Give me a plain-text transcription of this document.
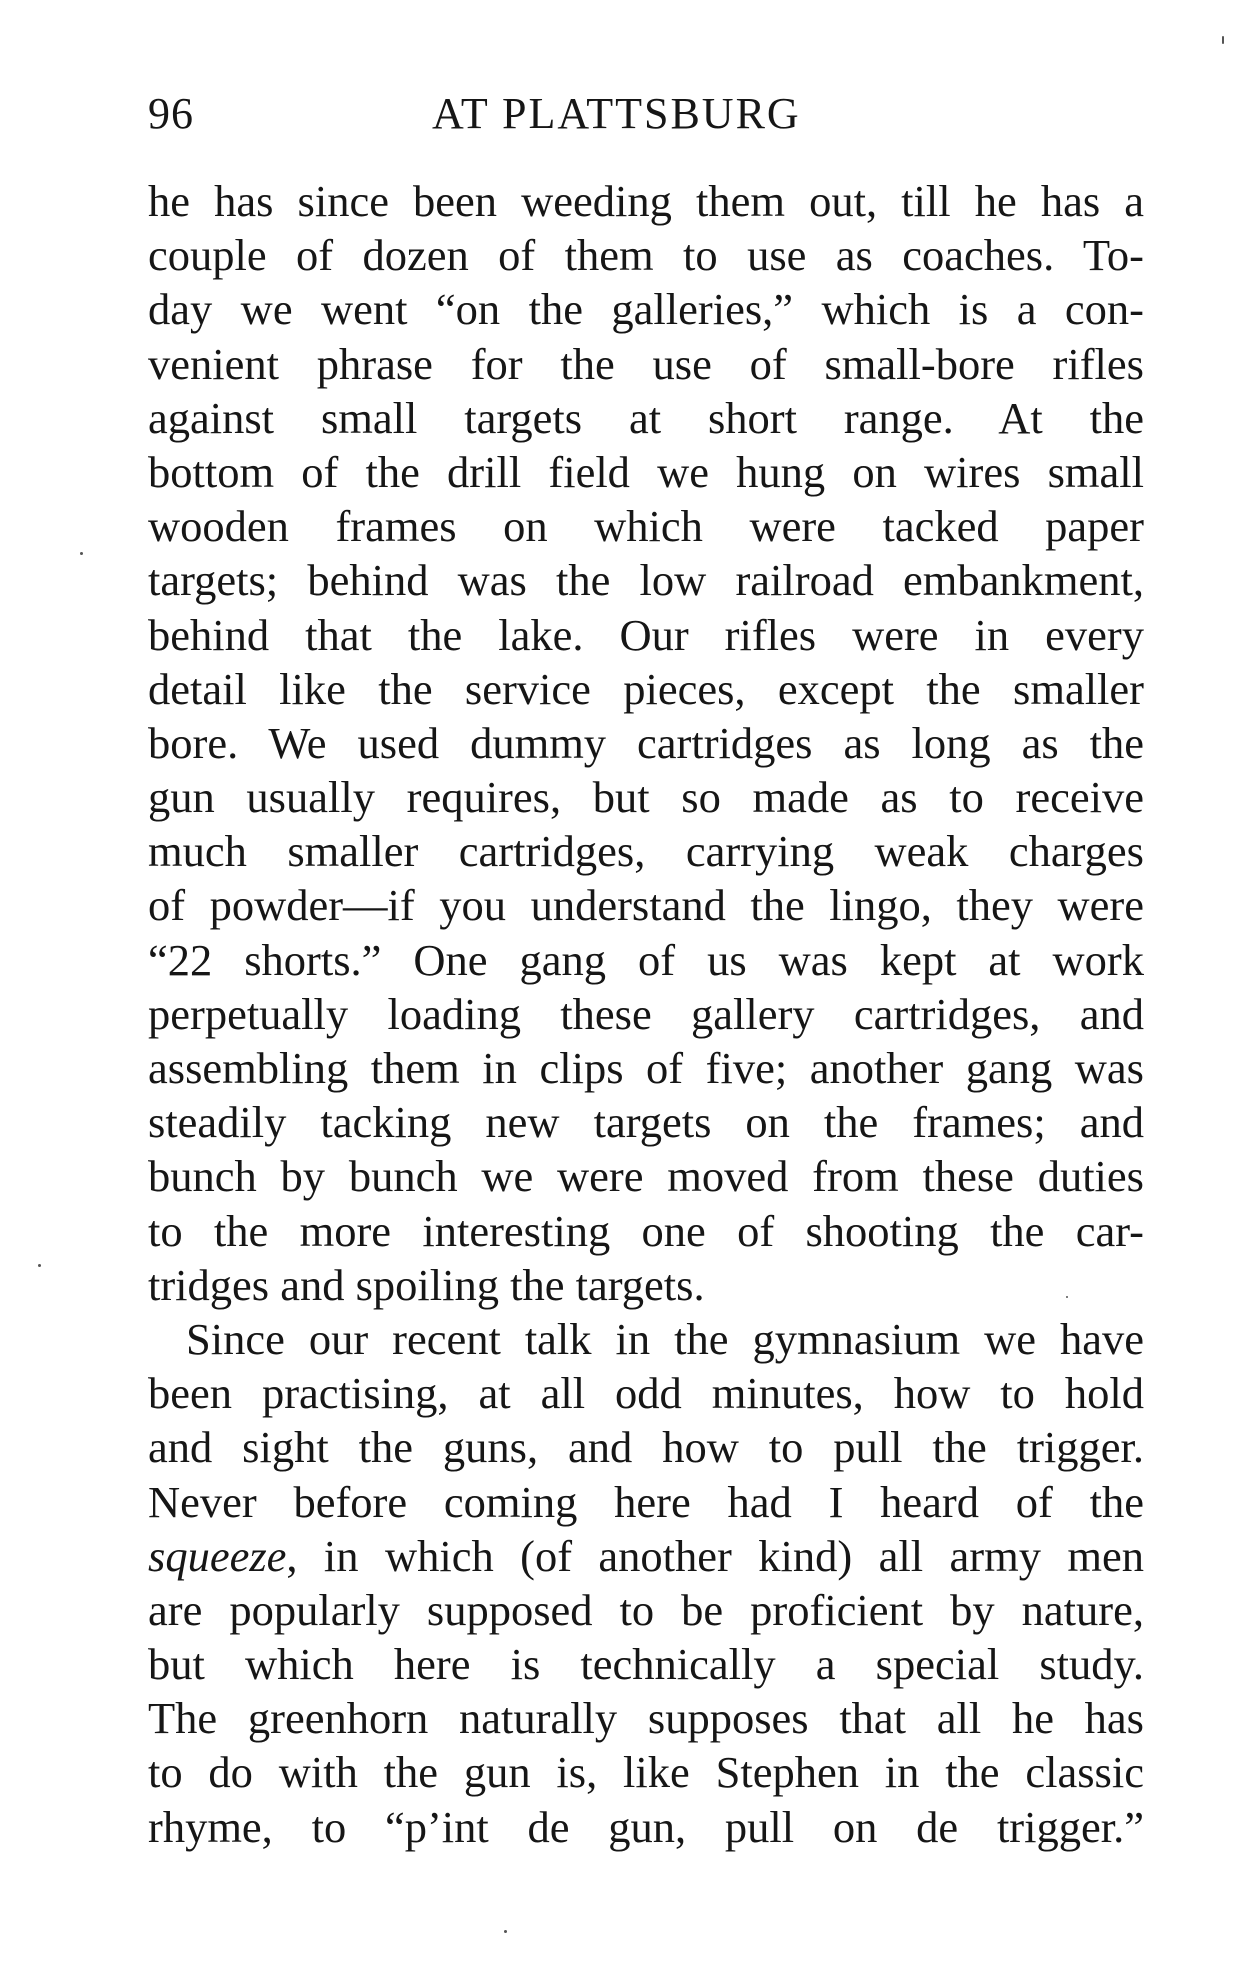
96	AT PLATTSBURG
he has since been weeding them out, till he has a
couple of dozen of them to use as coaches. To-
day we went “on the galleries,” which is a con-
venient phrase for the use of small-bore rifles
against small targets at short range. At the
bottom of the drill field we hung on wires small
wooden frames on which were tacked paper
targets; behind was the low railroad embankment,
behind that the lake. Our rifles were in every
detail like the service pieces, except the smaller
bore. We used dummy cartridges as long as the
gun usually requires, but so made as to receive
much smaller cartridges, carrying weak charges
of powder—if you understand the lingo, they were
“22 shorts.” One gang of us was kept at work
perpetually loading these gallery cartridges, and
assembling them in clips of five; another gang was
steadily tacking new targets on the frames; and
bunch by bunch we were moved from these duties
to the more interesting one of shooting the car-
tridges and spoiling the targets.
Since our recent talk in the gymnasium we have
been practising, at all odd minutes, how to hold
and sight the guns, and how to pull the trigger.
Never before coming here had I heard of the
squeeze, in which (of another kind) all army men
are popularly supposed to be proficient by nature,
but which here is technically a special study.
The greenhorn naturally supposes that all he has
to do with the gun is, like Stephen in the classic
rhyme, to “p’int de gun, pull on de trigger.”
